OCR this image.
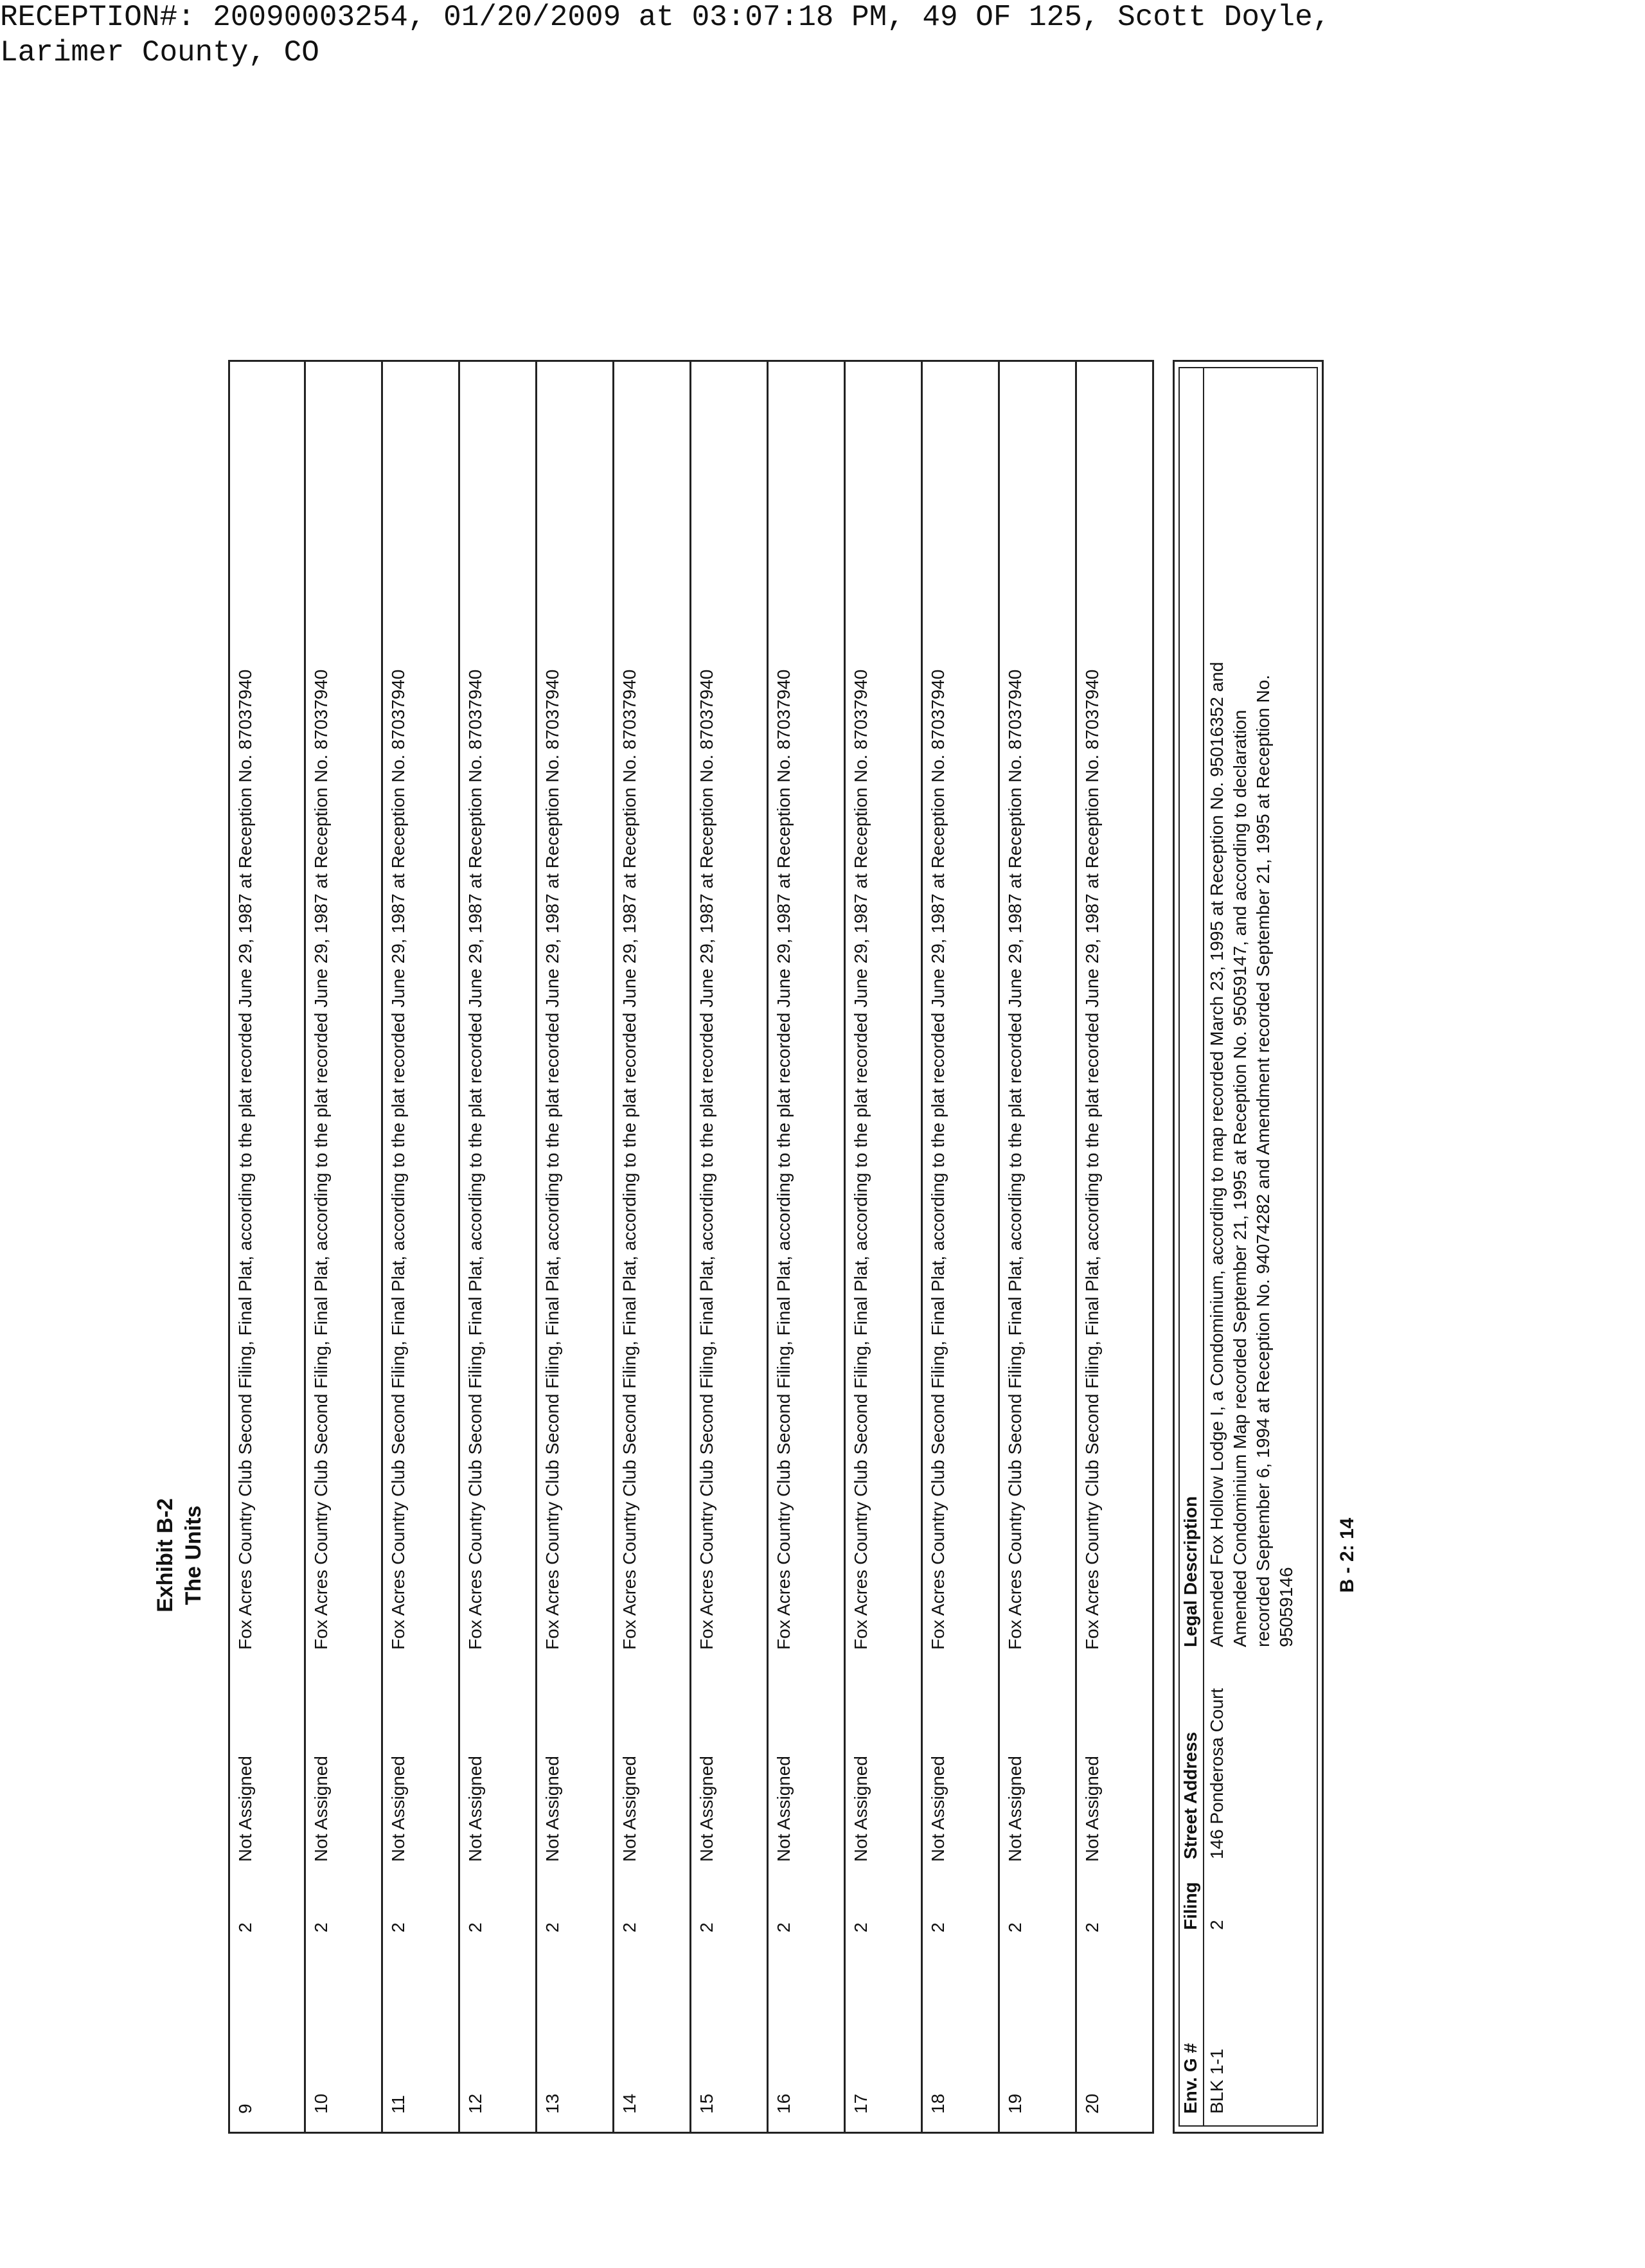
RECEPTION#: 20090003254, 01/20/2009 at 03:07:18 PM, 49 OF 125, Scott Doyle,
Larimer County, CO
Exhibit B-2 The Units
9
2
Not Assigned
Fox Acres Country Club Second Filing, Final Plat, according to the plat recorded June 29, 1987 at Reception No. 87037940
10
2
Not Assigned
Fox Acres Country Club Second Filing, Final Plat, according to the plat recorded June 29, 1987 at Reception No. 87037940
11
2
Not Assigned
Fox Acres Country Club Second Filing, Final Plat, according to the plat recorded June 29, 1987 at Reception No. 87037940
12
2
Not Assigned
Fox Acres Country Club Second Filing, Final Plat, according to the plat recorded June 29, 1987 at Reception No. 87037940
13
2
Not Assigned
Fox Acres Country Club Second Filing, Final Plat, according to the plat recorded June 29, 1987 at Reception No. 87037940
14
2
Not Assigned
Fox Acres Country Club Second Filing, Final Plat, according to the plat recorded June 29, 1987 at Reception No. 87037940
15
2
Not Assigned
Fox Acres Country Club Second Filing, Final Plat, according to the plat recorded June 29, 1987 at Reception No. 87037940
16
2
Not Assigned
Fox Acres Country Club Second Filing, Final Plat, according to the plat recorded June 29, 1987 at Reception No. 87037940
17
2
Not Assigned
Fox Acres Country Club Second Filing, Final Plat, according to the plat recorded June 29, 1987 at Reception No. 87037940
18
2
Not Assigned
Fox Acres Country Club Second Filing, Final Plat, according to the plat recorded June 29, 1987 at Reception No. 87037940
19
2
Not Assigned
Fox Acres Country Club Second Filing, Final Plat, according to the plat recorded June 29, 1987 at Reception No. 87037940
20
2
Not Assigned
Fox Acres Country Club Second Filing, Final Plat, according to the plat recorded June 29, 1987 at Reception No. 87037940
Env. G #
Filing
Street Address
Legal Description
BLK 1-1
2
146 Ponderosa Court
Amended Fox Hollow Lodge I, a Condominium, according to map recorded March 23, 1995 at Reception No. 95016352 and Amended Condominium Map recorded September 21, 1995 at Reception No. 95059147, and according to declaration recorded September 6, 1994 at Reception No. 94074282 and Amendment recorded September 21, 1995 at Reception No. 95059146
B - 2: 14
